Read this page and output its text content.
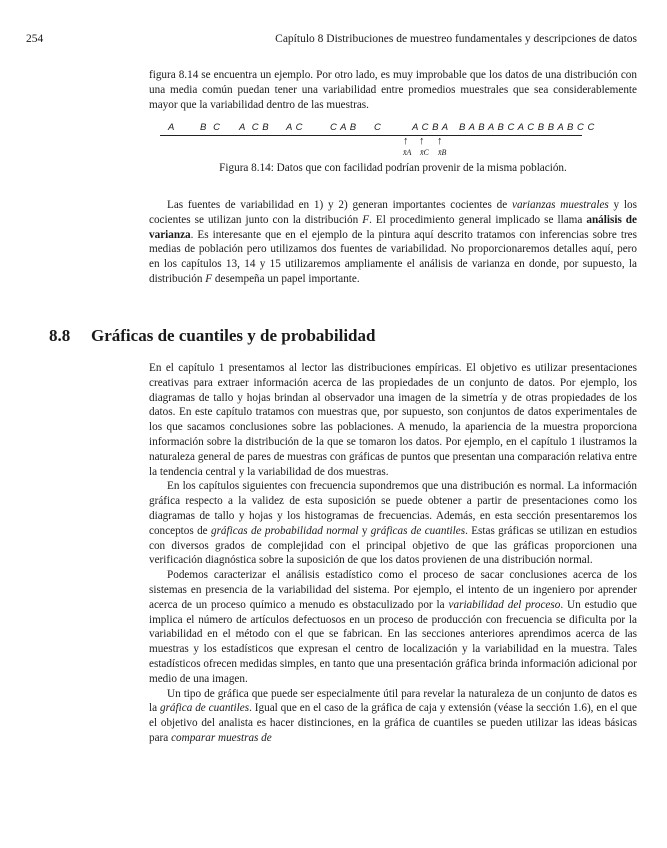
254	Capítulo 8 Distribuciones de muestreo fundamentales y descripciones de datos

figura 8.14 se encuentra un ejemplo. Por otro lado, es muy improbable que los datos de una distribución con una media común puedan tener una variabilidad entre promedios muestrales que sea considerablemente mayor que la variabilidad dentro de las muestras.

A	B  C A  C B A C	C A B C	A C B A B A B A B C A C B B A B C C
↑ ↑ ↑
x̄A x̄C x̄B
Figura 8.14: Datos que con facilidad podrían provenir de la misma población.

Las fuentes de variabilidad en 1) y 2) generan importantes cocientes de varianzas muestrales y los cocientes se utilizan junto con la distribución F. El procedimiento general implicado se llama análisis de varianza. Es interesante que en el ejemplo de la pintura aquí descrito tratamos con inferencias sobre tres medias de población pero utilizamos dos fuentes de variabilidad. No proporcionaremos detalles aquí, pero en los capítulos 13, 14 y 15 utilizaremos ampliamente el análisis de varianza en donde, por supuesto, la distribución F desempeña un papel importante.

8.8 Gráficas de cuantiles y de probabilidad

En el capítulo 1 presentamos al lector las distribuciones empíricas. El objetivo es utilizar presentaciones creativas para extraer información acerca de las propiedades de un conjunto de datos. Por ejemplo, los diagramas de tallo y hojas brindan al observador una imagen de la simetría y de otras propiedades de los datos. En este capítulo tratamos con muestras que, por supuesto, son conjuntos de datos experimentales de los que sacamos conclusiones sobre las poblaciones. A menudo, la apariencia de la muestra proporciona información sobre la distribución de la que se tomaron los datos. Por ejemplo, en el capítulo 1 ilustramos la naturaleza general de pares de muestras con gráficas de puntos que presentan una comparación relativa entre la tendencia central y la variabilidad de dos muestras.

En los capítulos siguientes con frecuencia supondremos que una distribución es normal. La información gráfica respecto a la validez de esta suposición se puede obtener a partir de presentaciones como los diagramas de tallo y hojas y los histogramas de frecuencias. Además, en esta sección presentaremos los conceptos de gráficas de probabilidad normal y gráficas de cuantiles. Estas gráficas se utilizan en estudios con diversos grados de complejidad con el principal objetivo de que las gráficas proporcionen una verificación diagnóstica sobre la suposición de que los datos provienen de una distribución normal.

Podemos caracterizar el análisis estadístico como el proceso de sacar conclusiones acerca de los sistemas en presencia de la variabilidad del sistema. Por ejemplo, el intento de un ingeniero por aprender acerca de un proceso químico a menudo es obstaculizado por la variabilidad del proceso. Un estudio que implica el número de artículos defectuosos en un proceso de producción con frecuencia se dificulta por la variabilidad en el método con el que se fabrican. En las secciones anteriores aprendimos acerca de las muestras y los estadísticos que expresan el centro de localización y la variabilidad en la muestra. Tales estadísticos ofrecen medidas simples, en tanto que una presentación gráfica brinda información adicional por medio de una imagen.

Un tipo de gráfica que puede ser especialmente útil para revelar la naturaleza de un conjunto de datos es la gráfica de cuantiles. Igual que en el caso de la gráfica de caja y extensión (véase la sección 1.6), en el que el objetivo del analista es hacer distinciones, en la gráfica de cuantiles se pueden utilizar las ideas básicas para comparar muestras de
